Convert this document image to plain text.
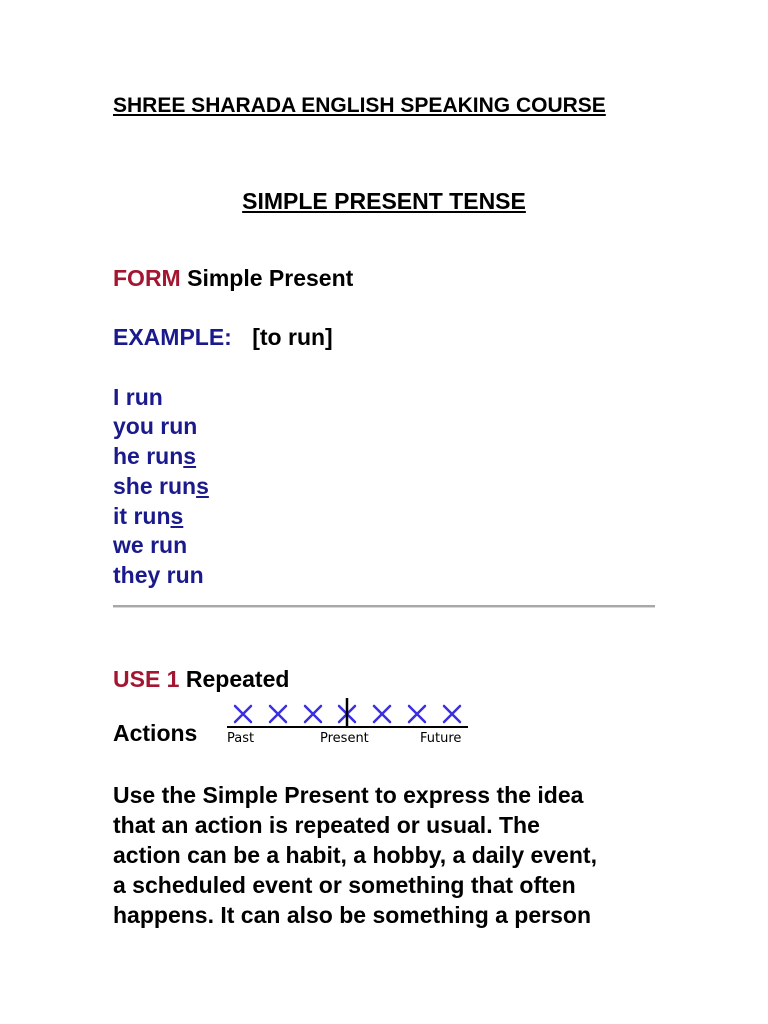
SHREE SHARADA ENGLISH SPEAKING COURSE
SIMPLE PRESENT TENSE
FORM Simple Present
EXAMPLE: [to run]
I run
you run
he runs
she runs
it runs
we run
they run
USE 1 Repeated
Actions Past	Present	Future
Use the Simple Present to express the idea
that an action is repeated or usual. The
action can be a habit, a hobby, a daily event,
a scheduled event or something that often
happens. It can also be something a person
